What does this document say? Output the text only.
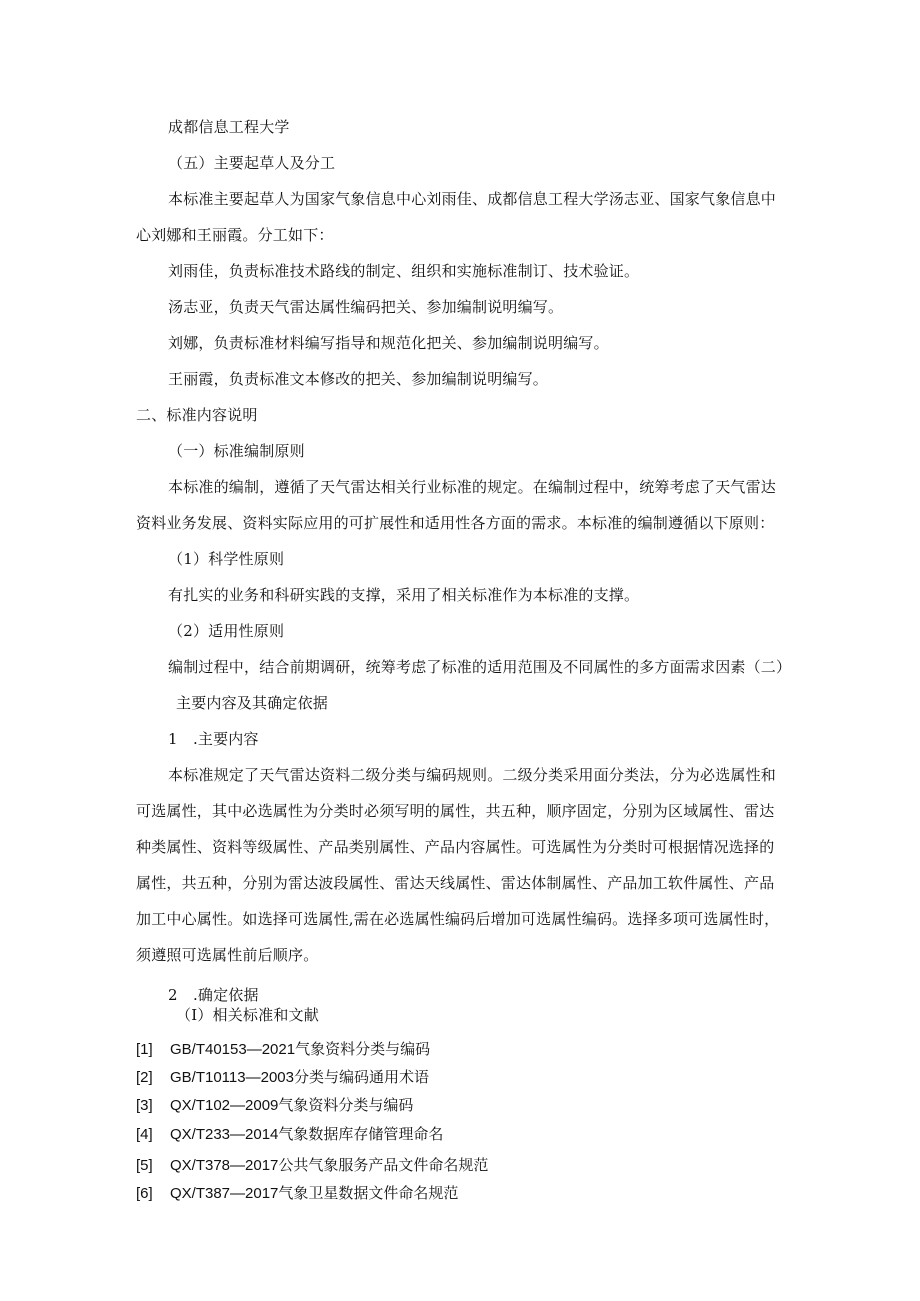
成都信息工程大学
（五）主要起草人及分工
本标准主要起草人为国家气象信息中心刘雨佳、成都信息工程大学汤志亚、国家气象信息中
心刘娜和王丽霞。分工如下：
刘雨佳，负责标准技术路线的制定、组织和实施标准制订、技术验证。
汤志亚，负责天气雷达属性编码把关、参加编制说明编写。
刘娜，负责标准材料编写指导和规范化把关、参加编制说明编写。
王丽霞，负责标准文本修改的把关、参加编制说明编写。
二、标准内容说明
（一）标准编制原则
本标准的编制，遵循了天气雷达相关行业标准的规定。在编制过程中，统筹考虑了天气雷达
资料业务发展、资料实际应用的可扩展性和适用性各方面的需求。本标准的编制遵循以下原则：
（1）科学性原则
有扎实的业务和科研实践的支撑，采用了相关标准作为本标准的支撑。
（2）适用性原则
编制过程中，结合前期调研，统筹考虑了标准的适用范围及不同属性的多方面需求因素（二）
主要内容及其确定依据
1　.主要内容
本标准规定了天气雷达资料二级分类与编码规则。二级分类采用面分类法，分为必选属性和
可选属性，其中必选属性为分类时必须写明的属性，共五种，顺序固定，分别为区域属性、雷达
种类属性、资料等级属性、产品类别属性、产品内容属性。可选属性为分类时可根据情况选择的
属性，共五种，分别为雷达波段属性、雷达天线属性、雷达体制属性、产品加工软件属性、产品
加工中心属性。如选择可选属性,需在必选属性编码后增加可选属性编码。选择多项可选属性时，
须遵照可选属性前后顺序。
2　.确定依据
（I）相关标准和文献
[1] GB/T40153—2021气象资料分类与编码
[2] GB/T10113—2003分类与编码通用术语
[3] QX/T102—2009气象资料分类与编码
[4] QX/T233—2014气象数据库存储管理命名
[5] QX/T378—2017公共气象服务产品文件命名规范
[6] QX/T387—2017气象卫星数据文件命名规范
